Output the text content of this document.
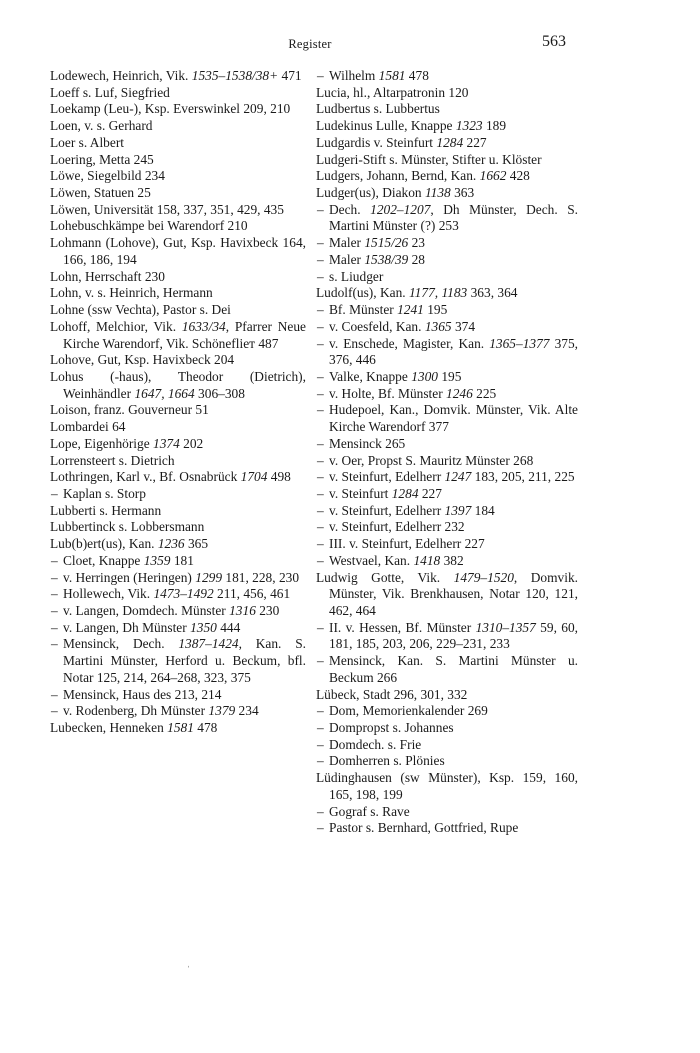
Register	563

Lodewech, Heinrich, Vik. 1535–1538/38+ 471

Loeff s. Luf, Siegfried

Loekamp (Leu-), Ksp. Everswinkel 209, 210

Loen, v. s. Gerhard

Loer s. Albert

Loering, Metta 245

Löwe, Siegelbild 234

Löwen, Statuen 25

Löwen, Universität 158, 337, 351, 429, 435

Lohebuschkämpe bei Warendorf 210

Lohmann (Lohove), Gut, Ksp. Havixbeck 164, 166, 186, 194

Lohn, Herrschaft 230

Lohn, v. s. Heinrich, Hermann

Lohne (ssw Vechta), Pastor s. Dei

Lohoff, Melchior, Vik. 1633/34, Pfarrer Neue Kirche Warendorf, Vik. Schöneflieт 487

Lohove, Gut, Ksp. Havixbeck 204

Lohus (-haus), Theodor (Dietrich), Weinhändler 1647, 1664 306–308

Loison, franz. Gouverneur 51

Lombardei 64

Lope, Eigenhörige 1374 202

Lorrensteert s. Dietrich

Lothringen, Karl v., Bf. Osnabrück 1704 498

– Kaplan s. Storp

Lubberti s. Hermann

Lubbertinck s. Lobbersmann

Lub(b)ert(us), Kan. 1236 365

– Cloet, Knappe 1359 181

– v. Herringen (Heringen) 1299 181, 228, 230

– Hollewech, Vik. 1473–1492 211, 456, 461

– v. Langen, Domdech. Münster 1316 230

– v. Langen, Dh Münster 1350 444

– Mensinck, Dech. 1387–1424, Kan. S. Martini Münster, Herford u. Beckum, bfl. Notar 125, 214, 264–268, 323, 375

– Mensinck, Haus des 213, 214

– v. Rodenberg, Dh Münster 1379 234

Lubecken, Henneken 1581 478

– Wilhelm 1581 478

Lucia, hl., Altarpatronin 120

Ludbertus s. Lubbertus

Ludekinus Lulle, Knappe 1323 189

Ludgardis v. Steinfurt 1284 227

Ludgeri-Stift s. Münster, Stifter u. Klöster

Ludgers, Johann, Bernd, Kan. 1662 428

Ludger(us), Diakon 1138 363

– Dech. 1202–1207, Dh Münster, Dech. S. Martini Münster (?) 253

– Maler 1515/26 23

– Maler 1538/39 28

– s. Liudger

Ludolf(us), Kan. 1177, 1183 363, 364

– Bf. Münster 1241 195

– v. Coesfeld, Kan. 1365 374

– v. Enschede, Magister, Kan. 1365–1377 375, 376, 446

– Valke, Knappe 1300 195

– v. Holte, Bf. Münster 1246 225

– Hudepoel, Kan., Domvik. Münster, Vik. Alte Kirche Warendorf 377

– Mensinck 265

– v. Oer, Propst S. Mauritz Münster 268

– v. Steinfurt, Edelherr 1247 183, 205, 211, 225

– v. Steinfurt 1284 227

– v. Steinfurt, Edelherr 1397 184

– v. Steinfurt, Edelherr 232

– III. v. Steinfurt, Edelherr 227

– Westvael, Kan. 1418 382

Ludwig Gotte, Vik. 1479–1520, Domvik. Münster, Vik. Brenkhausen, Notar 120, 121, 462, 464

– II. v. Hessen, Bf. Münster 1310–1357 59, 60, 181, 185, 203, 206, 229–231, 233

– Mensinck, Kan. S. Martini Münster u. Beckum 266

Lübeck, Stadt 296, 301, 332

– Dom, Memorienkalender 269

– Dompropst s. Johannes

– Domdech. s. Frie

– Domherren s. Plönies

Lüdinghausen (sw Münster), Ksp. 159, 160, 165, 198, 199

– Gograf s. Rave

– Pastor s. Bernhard, Gottfried, Rupe

ˌ
